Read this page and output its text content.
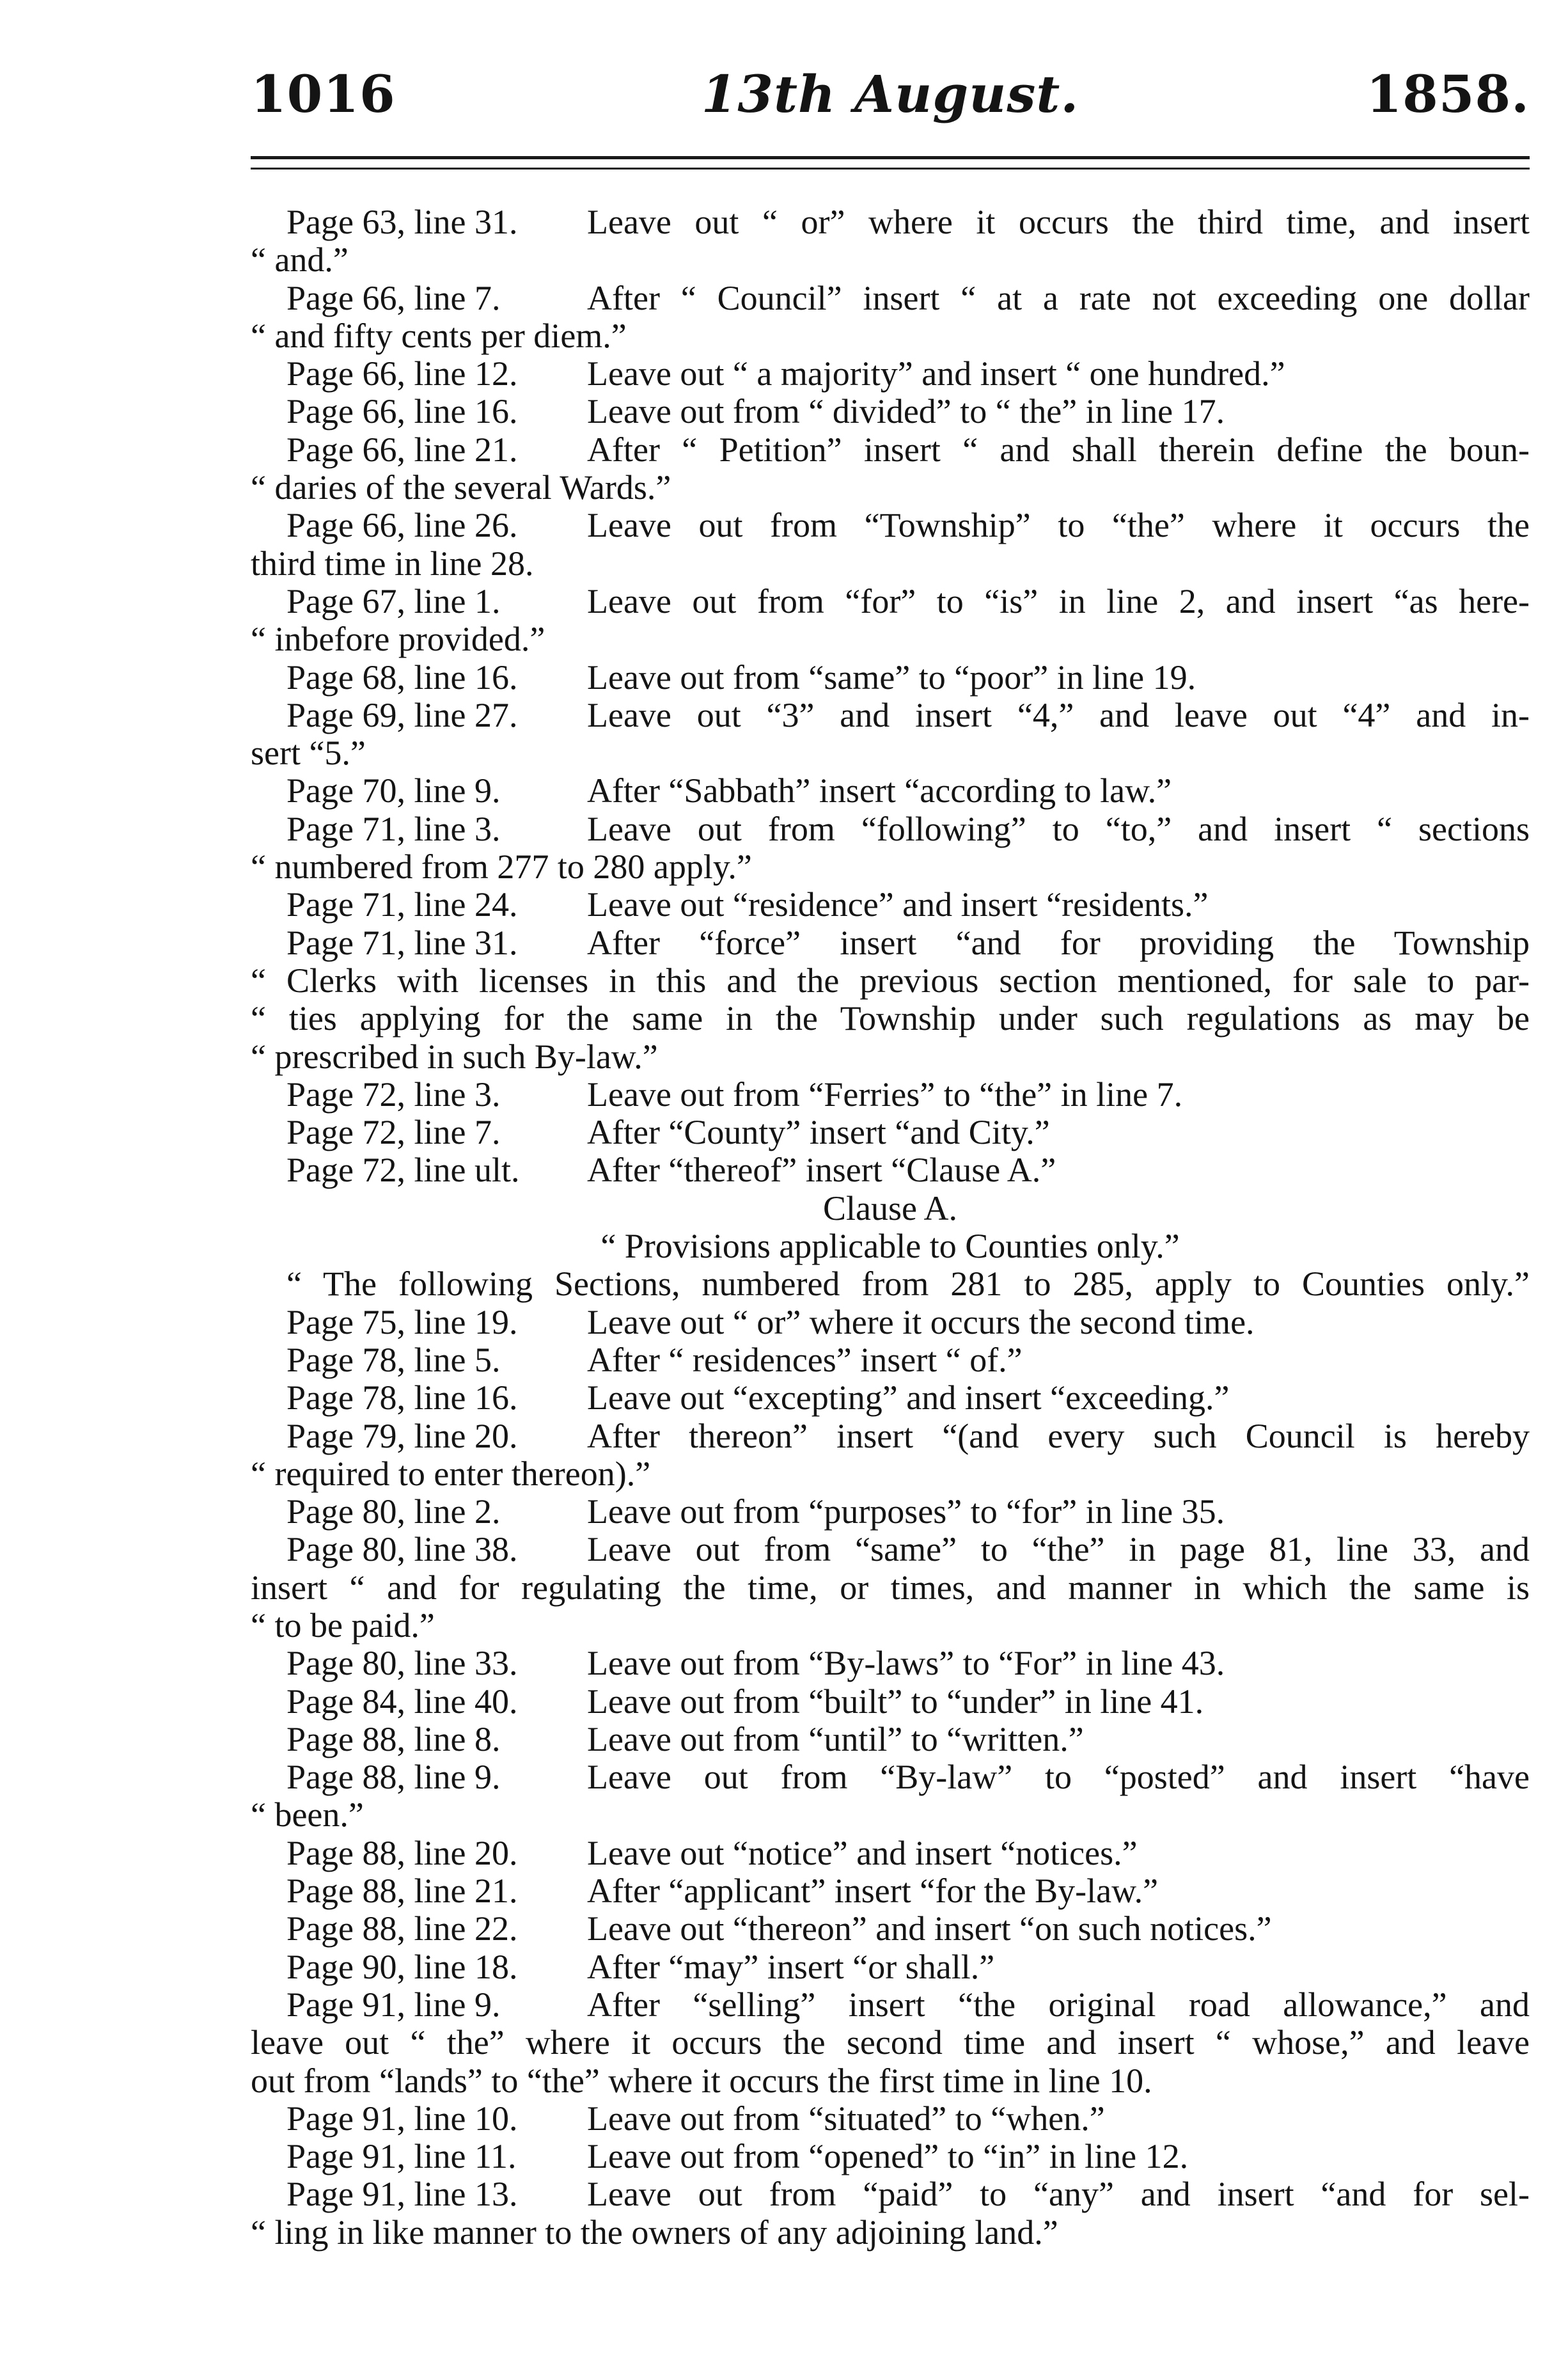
13th August.
1016	1858.
Page 63, line 31.	Leave out “ or” where it occurs the third time, and insert
“ and.”
Page 66, line 7.	After “ Council” insert “ at a rate not exceeding one dollar
“ and fifty cents per diem.”
Page 66, line 12.	Leave out “ a majority” and insert “ one hundred.”
Page 66, line 16.	Leave out from “ divided” to “ the” in line 17.
Page 66, line 21.	After “ Petition” insert “ and shall therein define the boun-
“ daries of the several Wards.”
Page 66, line 26.	Leave out from “Township” to “the” where it occurs the
third time in line 28.
Page 67, line 1.	Leave out from “for” to “is” in line 2, and insert “as here-
“ inbefore provided.”
Page 68, line 16.	Leave out from “same” to “poor” in line 19.
Page 69, line 27.	Leave out “3” and insert “4,” and leave out “4” and in-
sert “5.”
Page 70, line 9.	After “Sabbath” insert “according to law.”
Page 71, line 3.	Leave out from “following” to “to,” and insert “ sections
“ numbered from 277 to 280 apply.”
Page 71, line 24.	Leave out “residence” and insert “residents.”
Page 71, line 31.	After “force” insert “and for providing the Township
“ Clerks with licenses in this and the previous section mentioned, for sale to par-
“ ties applying for the same in the Township under such regulations as may be
“ prescribed in such By-law.”
Page 72, line 3.	Leave out from “Ferries” to “the” in line 7.
Page 72, line 7.	After “County” insert “and City.”
Page 72, line ult.	After “thereof” insert “Clause A.”
Clause A.
“ Provisions applicable to Counties only.”
“ The following Sections, numbered from 281 to 285, apply to Counties only.”
Page 75, line 19.	Leave out “ or” where it occurs the second time.
Page 78, line 5.	After “ residences” insert “ of.”
Page 78, line 16.	Leave out “excepting” and insert “exceeding.”
Page 79, line 20.	After thereon” insert “(and every such Council is hereby
“ required to enter thereon).”
Page 80, line 2.	Leave out from “purposes” to “for” in line 35.
Page 80, line 38.	Leave out from “same” to “the” in page 81, line 33, and
insert “ and for regulating the time, or times, and manner in which the same is
“ to be paid.”
Page 80, line 33.	Leave out from “By-laws” to “For” in line 43.
Page 84, line 40.	Leave out from “built” to “under” in line 41.
Page 88, line 8.	Leave out from “until” to “written.”
Page 88, line 9.	Leave out from “By-law” to “posted” and insert “have
“ been.”
Page 88, line 20.	Leave out “notice” and insert “notices.”
Page 88, line 21.	After “applicant” insert “for the By-law.”
Page 88, line 22.	Leave out “thereon” and insert “on such notices.”
Page 90, line 18.	After “may” insert “or shall.”
Page 91, line 9.	After “selling” insert “the original road allowance,” and
leave out “ the” where it occurs the second time and insert “ whose,” and leave
out from “lands” to “the” where it occurs the first time in line 10.
Page 91, line 10.	Leave out from “situated” to “when.”
Page 91, line 11.	Leave out from “opened” to “in” in line 12.
Page 91, line 13.	Leave out from “paid” to “any” and insert “and for sel-
“ ling in like manner to the owners of any adjoining land.”
